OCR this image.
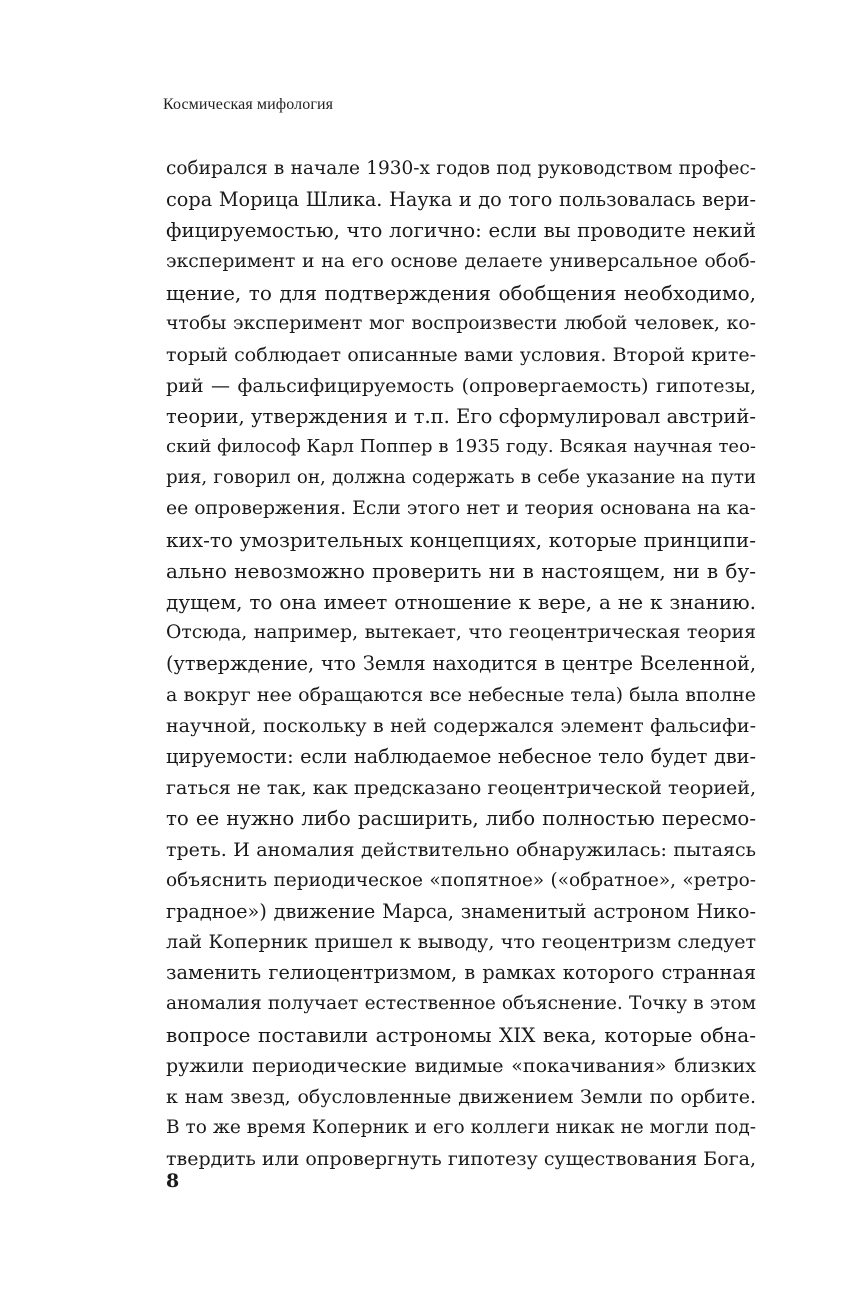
Космическая мифология
собирался в начале 1930-х годов под руководством профес-
сора Морица Шлика. Наука и до того пользовалась вери-
фицируемостью, что логично: если вы проводите некий
эксперимент и на его основе делаете универсальное обоб-
щение, то для подтверждения обобщения необходимо,
чтобы эксперимент мог воспроизвести любой человек, ко-
торый соблюдает описанные вами условия. Второй крите-
рий — фальсифицируемость (опровергаемость) гипотезы,
теории, утверждения и т.п. Его сформулировал австрий-
ский философ Карл Поппер в 1935 году. Всякая научная тео-
рия, говорил он, должна содержать в себе указание на пути
ее опровержения. Если этого нет и теория основана на ка-
ких-то умозрительных концепциях, которые принципи-
ально невозможно проверить ни в настоящем, ни в бу-
дущем, то она имеет отношение к вере, а не к знанию.
Отсюда, например, вытекает, что геоцентрическая теория
(утверждение, что Земля находится в центре Вселенной,
а вокруг нее обращаются все небесные тела) была вполне
научной, поскольку в ней содержался элемент фальсифи-
цируемости: если наблюдаемое небесное тело будет дви-
гаться не так, как предсказано геоцентрической теорией,
то ее нужно либо расширить, либо полностью пересмо-
треть. И аномалия действительно обнаружилась: пытаясь
объяснить периодическое «попятное» («обратное», «ретро-
градное») движение Марса, знаменитый астроном Нико-
лай Коперник пришел к выводу, что геоцентризм следует
заменить гелиоцентризмом, в рамках которого странная
аномалия получает естественное объяснение. Точку в этом
вопросе поставили астрономы XIX века, которые обна-
ружили периодические видимые «покачивания» близких
к нам звезд, обусловленные движением Земли по орбите.
В то же время Коперник и его коллеги никак не могли под-
твердить или опровергнуть гипотезу существования Бога,
8
